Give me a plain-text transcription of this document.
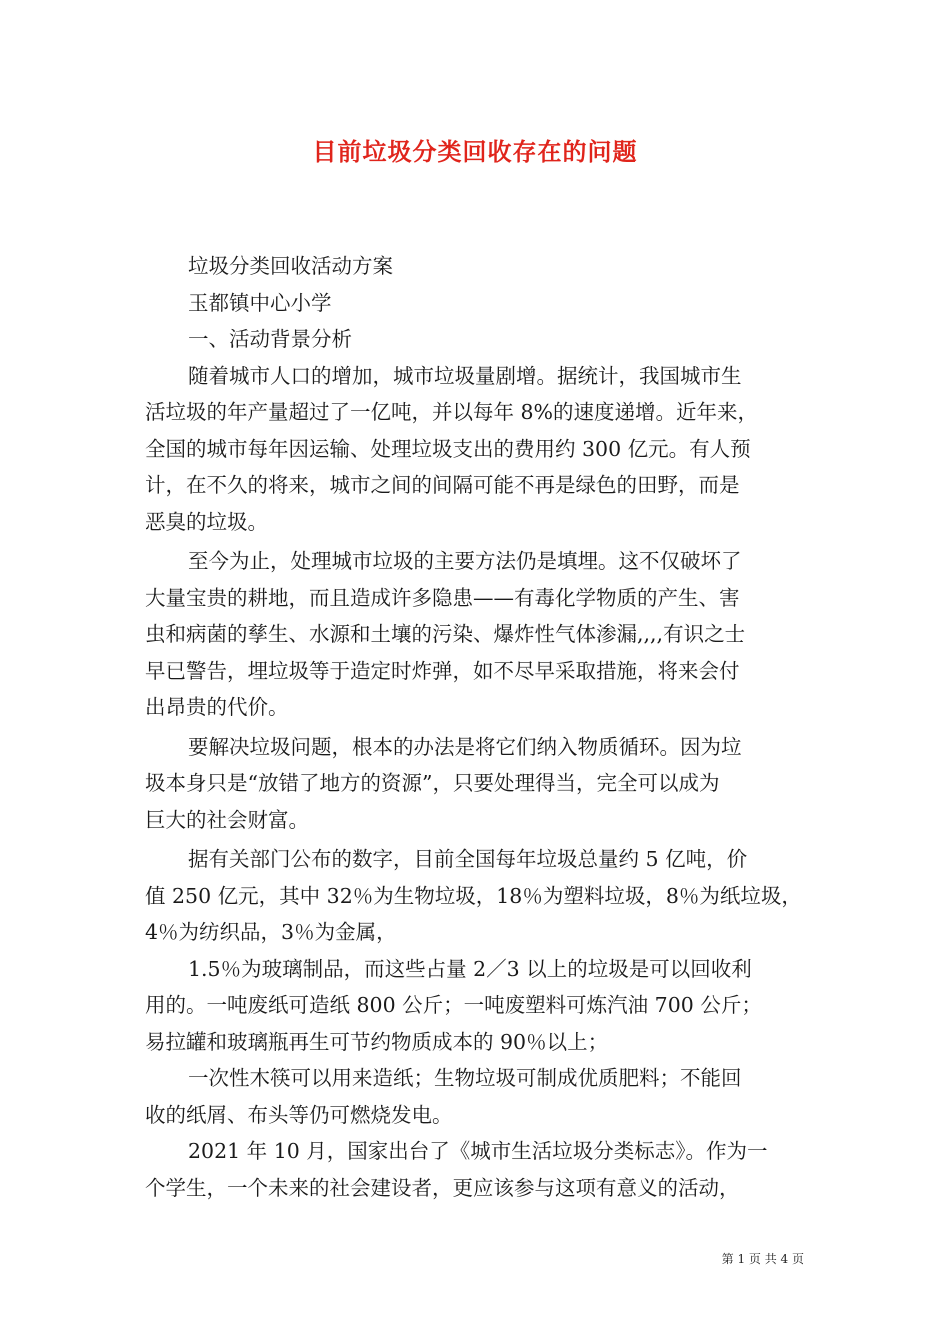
目前垃圾分类回收存在的问题
垃圾分类回收活动方案
玉都镇中心小学
一、活动背景分析
随着城市人口的增加，城市垃圾量剧增。据统计，我国城市生
活垃圾的年产量超过了一亿吨，并以每年 8%的速度递增。近年来，
全国的城市每年因运输、处理垃圾支出的费用约 300 亿元。有人预
计，在不久的将来，城市之间的间隔可能不再是绿色的田野，而是
恶臭的垃圾。
至今为止，处理城市垃圾的主要方法仍是填埋。这不仅破坏了
大量宝贵的耕地，而且造成许多隐患——有毒化学物质的产生、害
虫和病菌的孳生、水源和土壤的污染、爆炸性气体渗漏,,,,有识之士
早已警告，埋垃圾等于造定时炸弹，如不尽早采取措施，将来会付
出昂贵的代价。
要解决垃圾问题，根本的办法是将它们纳入物质循环。因为垃
圾本身只是“放错了地方的资源”，只要处理得当，完全可以成为
巨大的社会财富。
据有关部门公布的数字，目前全国每年垃圾总量约 5 亿吨，价
值 250 亿元，其中 32％为生物垃圾，18％为塑料垃圾，8％为纸垃圾，
4％为纺织品，3％为金属，
1.5％为玻璃制品，而这些占量 2／3 以上的垃圾是可以回收利
用的。一吨废纸可造纸 800 公斤；一吨废塑料可炼汽油 700 公斤；
易拉罐和玻璃瓶再生可节约物质成本的 90％以上；
一次性木筷可以用来造纸；生物垃圾可制成优质肥料；不能回
收的纸屑、布头等仍可燃烧发电。
2021 年 10 月，国家出台了《城市生活垃圾分类标志》。作为一
个学生，一个未来的社会建设者，更应该参与这项有意义的活动，
第 1 页 共 4 页
